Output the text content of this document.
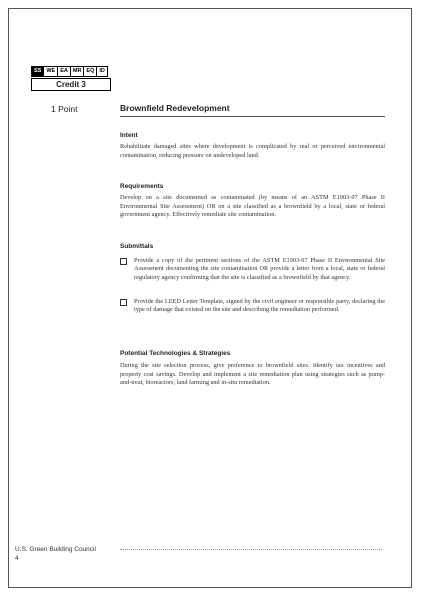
SS WE EA MR EQ ID
Credit 3
1 Point	Brownfield Redevelopment
Intent
Rehabilitate damaged sites where development is complicated by real or perceived environmental contamination, reducing pressure on undeveloped land.
Requirements
Develop on a site documented as contaminated (by means of an ASTM E1903-97 Phase II Environmental Site Assessment) OR on a site classified as a brownfield by a local, state or federal government agency. Effectively remediate site contamination.
Submittals
Provide a copy of the pertinent sections of the ASTM E1903-97 Phase II Environmental Site Assessment documenting the site contamination OR provide a letter from a local, state or federal regulatory agency confirming that the site is classified as a brownfield by that agency.
Provide the LEED Letter Template, signed by the civil engineer or responsible party, declaring the type of damage that existed on the site and describing the remediation performed.
Potential Technologies & Strategies
During the site selection process, give preference to brownfield sites. Identify tax incentives and property cost savings. Develop and implement a site remediation plan using strategies such as pump-and-treat, bioreactors, land farming and in-situ remediation.
U.S. Green Building Council
4
